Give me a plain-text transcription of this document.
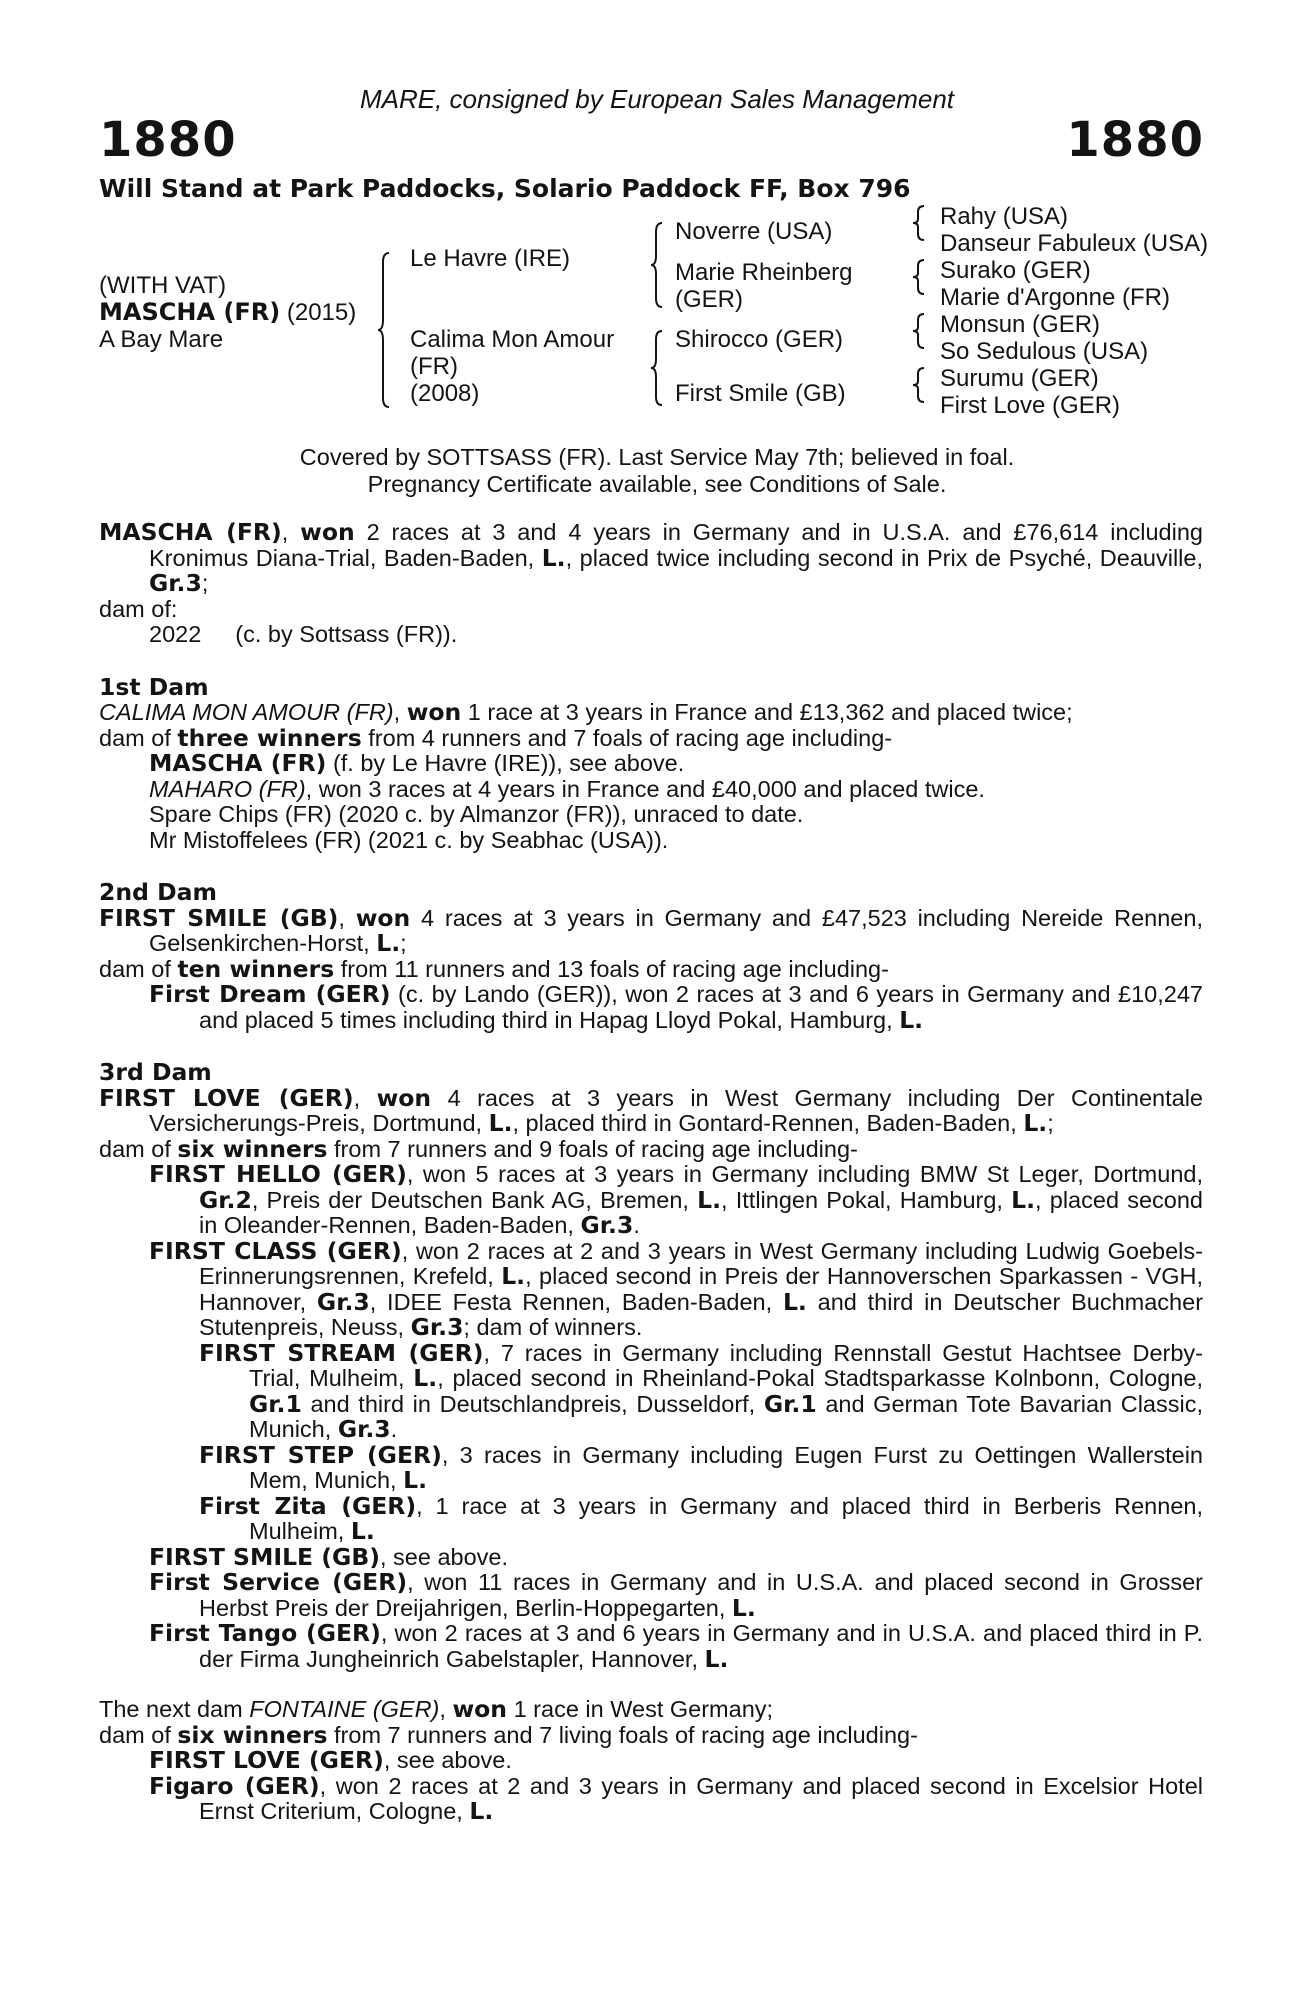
MARE, consigned by European Sales Management
1880	1880
Will Stand at Park Paddocks, Solario Paddock FF, Box 796
(WITH VAT)
MASCHA (FR) (2015)
A Bay Mare
Le Havre (IRE)
Calima Mon Amour
(FR)
(2008)
Noverre (USA)
Marie Rheinberg
(GER)
Shirocco (GER)
First Smile (GB)
Rahy (USA)
Danseur Fabuleux (USA)
Surako (GER)
Marie d'Argonne (FR)
Monsun (GER)
So Sedulous (USA)
Surumu (GER)
First Love (GER)
Covered by SOTTSASS (FR). Last Service May 7th; believed in foal.
Pregnancy Certificate available, see Conditions of Sale.

MASCHA (FR), won 2 races at 3 and 4 years in Germany and in U.S.A. and £76,614 including Kronimus Diana-Trial, Baden-Baden, L., placed twice including second in Prix de Psyché, Deauville, Gr.3;

dam of:

2022 (c. by Sottsass (FR)).

1st Dam

CALIMA MON AMOUR (FR), won 1 race at 3 years in France and £13,362 and placed twice;

dam of three winners from 4 runners and 7 foals of racing age including-

MASCHA (FR) (f. by Le Havre (IRE)), see above.

MAHARO (FR), won 3 races at 4 years in France and £40,000 and placed twice.

Spare Chips (FR) (2020 c. by Almanzor (FR)), unraced to date.

Mr Mistoffelees (FR) (2021 c. by Seabhac (USA)).

2nd Dam

FIRST SMILE (GB), won 4 races at 3 years in Germany and £47,523 including Nereide Rennen, Gelsenkirchen-Horst, L.;

dam of ten winners from 11 runners and 13 foals of racing age including-

First Dream (GER) (c. by Lando (GER)), won 2 races at 3 and 6 years in Germany and £10,247 and placed 5 times including third in Hapag Lloyd Pokal, Hamburg, L.

3rd Dam

FIRST LOVE (GER), won 4 races at 3 years in West Germany including Der Continentale Versicherungs-Preis, Dortmund, L., placed third in Gontard-Rennen, Baden-Baden, L.;

dam of six winners from 7 runners and 9 foals of racing age including-

FIRST HELLO (GER), won 5 races at 3 years in Germany including BMW St Leger, Dortmund, Gr.2, Preis der Deutschen Bank AG, Bremen, L., Ittlingen Pokal, Hamburg, L., placed second in Oleander-Rennen, Baden-Baden, Gr.3.

FIRST CLASS (GER), won 2 races at 2 and 3 years in West Germany including Ludwig Goebels-Erinnerungsrennen, Krefeld, L., placed second in Preis der Hannoverschen Sparkassen - VGH, Hannover, Gr.3, IDEE Festa Rennen, Baden-Baden, L. and third in Deutscher Buchmacher Stutenpreis, Neuss, Gr.3; dam of winners.

FIRST STREAM (GER), 7 races in Germany including Rennstall Gestut Hachtsee Derby-Trial, Mulheim, L., placed second in Rheinland-Pokal Stadtsparkasse Kolnbonn, Cologne, Gr.1 and third in Deutschlandpreis, Dusseldorf, Gr.1 and German Tote Bavarian Classic, Munich, Gr.3.

FIRST STEP (GER), 3 races in Germany including Eugen Furst zu Oettingen Wallerstein Mem, Munich, L.

First Zita (GER), 1 race at 3 years in Germany and placed third in Berberis Rennen, Mulheim, L.

FIRST SMILE (GB), see above.

First Service (GER), won 11 races in Germany and in U.S.A. and placed second in Grosser Herbst Preis der Dreijahrigen, Berlin-Hoppegarten, L.

First Tango (GER), won 2 races at 3 and 6 years in Germany and in U.S.A. and placed third in P. der Firma Jungheinrich Gabelstapler, Hannover, L.

The next dam FONTAINE (GER), won 1 race in West Germany;

dam of six winners from 7 runners and 7 living foals of racing age including-

FIRST LOVE (GER), see above.

Figaro (GER), won 2 races at 2 and 3 years in Germany and placed second in Excelsior Hotel Ernst Criterium, Cologne, L.
